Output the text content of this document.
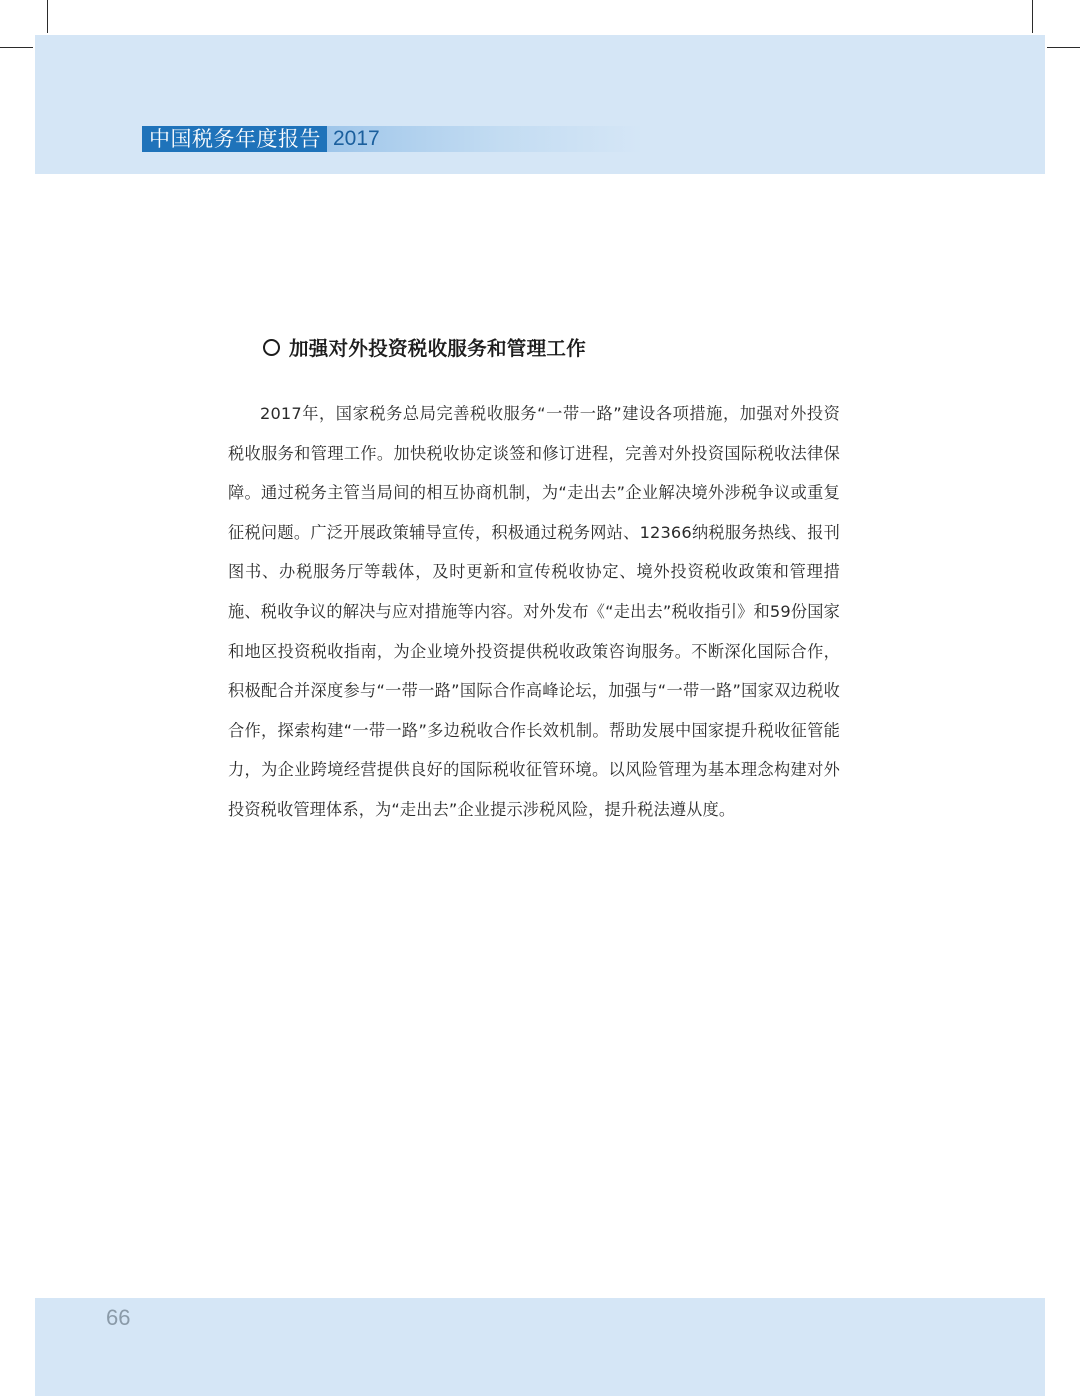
中国税务年度报告 2017
加强对外投资税收服务和管理工作

2017年，国家税务总局完善税收服务“一带一路”建设各项措施，加强对外投资税收服务和管理工作。加快税收协定谈签和修订进程，完善对外投资国际税收法律保障。通过税务主管当局间的相互协商机制，为“走出去”企业解决境外涉税争议或重复征税问题。广泛开展政策辅导宣传，积极通过税务网站、12366纳税服务热线、报刊图书、办税服务厅等载体，及时更新和宣传税收协定、境外投资税收政策和管理措施、税收争议的解决与应对措施等内容。对外发布《“走出去”税收指引》和59份国家和地区投资税收指南，为企业境外投资提供税收政策咨询服务。不断深化国际合作，积极配合并深度参与“一带一路”国际合作高峰论坛，加强与“一带一路”国家双边税收合作，探索构建“一带一路”多边税收合作长效机制。帮助发展中国家提升税收征管能力，为企业跨境经营提供良好的国际税收征管环境。以风险管理为基本理念构建对外投资税收管理体系，为“走出去”企业提示涉税风险，提升税法遵从度。

66
